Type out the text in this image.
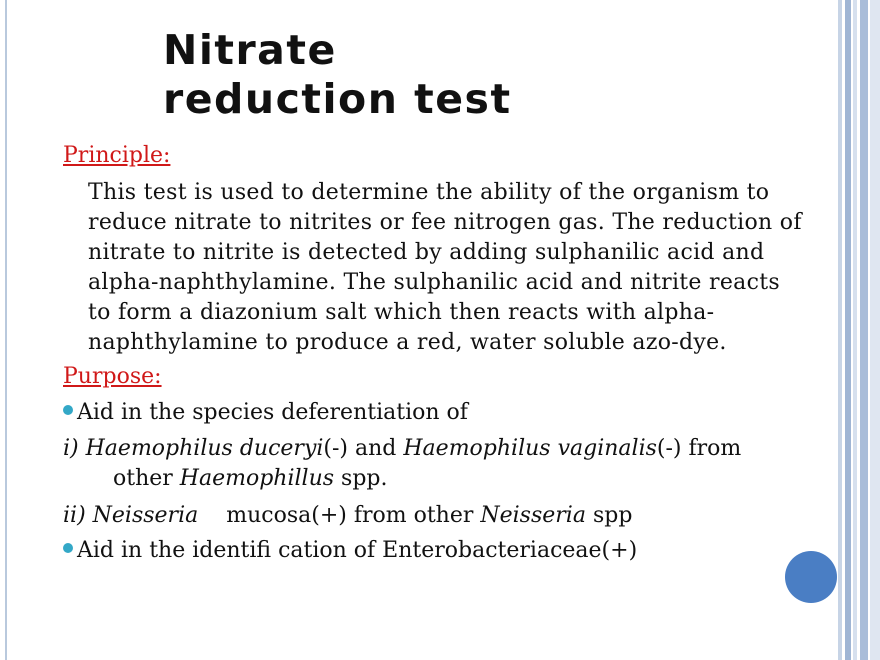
Nitrate
reduction test
Principle:
This test is used to determine the ability of the organism to
reduce nitrate to nitrites or fee nitrogen gas. The reduction of
nitrate to nitrite is detected by adding sulphanilic acid and
alpha-naphthylamine. The sulphanilic acid and nitrite reacts
to form a diazonium salt which then reacts with alpha-
naphthylamine to produce a red, water soluble azo-dye.
Purpose:
Aid in the species deferentiation of
i) Haemophilus duceryi(-) and Haemophilus vaginalis(-) from
other Haemophillus spp.
ii) Neisseria mucosa(+) from other Neisseria spp
Aid in the identiﬁ cation of Enterobacteriaceae(+)
